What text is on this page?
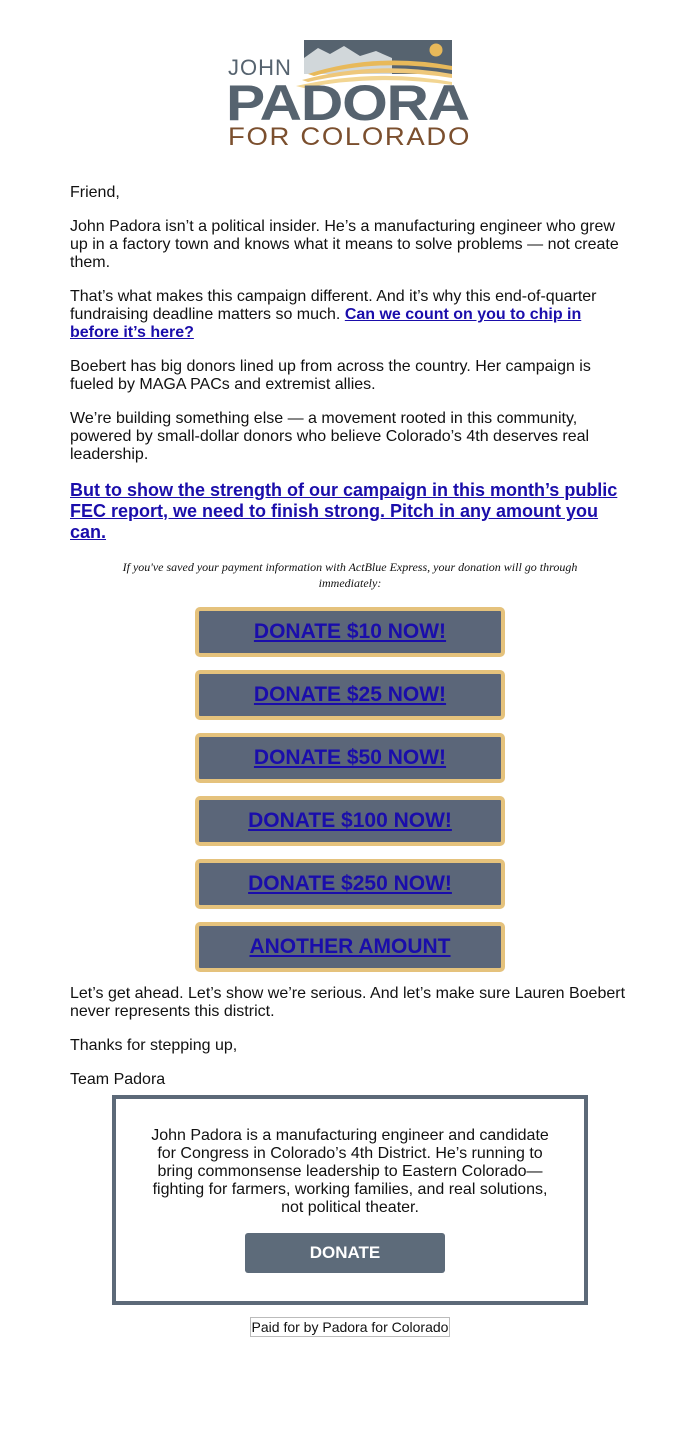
JOHN
PADORA
FOR COLORADO

Friend,

John Padora isn’t a political insider. He’s a manufacturing engineer who grew up in a factory town and knows what it means to solve problems — not create them.

That’s what makes this campaign different. And it’s why this end-of-quarter fundraising deadline matters so much. Can we count on you to chip in before it’s here?

Boebert has big donors lined up from across the country. Her campaign is fueled by MAGA PACs and extremist allies.

We’re building something else — a movement rooted in this community, powered by small-dollar donors who believe Colorado’s 4th deserves real leadership.

But to show the strength of our campaign in this month’s public FEC report, we need to finish strong. Pitch in any amount you can.

If you've saved your payment information with ActBlue Express, your donation will go through immediately:

DONATE $10 NOW!
DONATE $25 NOW!
DONATE $50 NOW!
DONATE $100 NOW!
DONATE $250 NOW!
ANOTHER AMOUNT

Let’s get ahead. Let’s show we’re serious. And let’s make sure Lauren Boebert never represents this district.

Thanks for stepping up,

Team Padora

John Padora is a manufacturing engineer and candidate for Congress in Colorado’s 4th District. He’s running to bring commonsense leadership to Eastern Colorado—fighting for farmers, working families, and real solutions, not political theater.
DONATE
Paid for by Padora for Colorado
